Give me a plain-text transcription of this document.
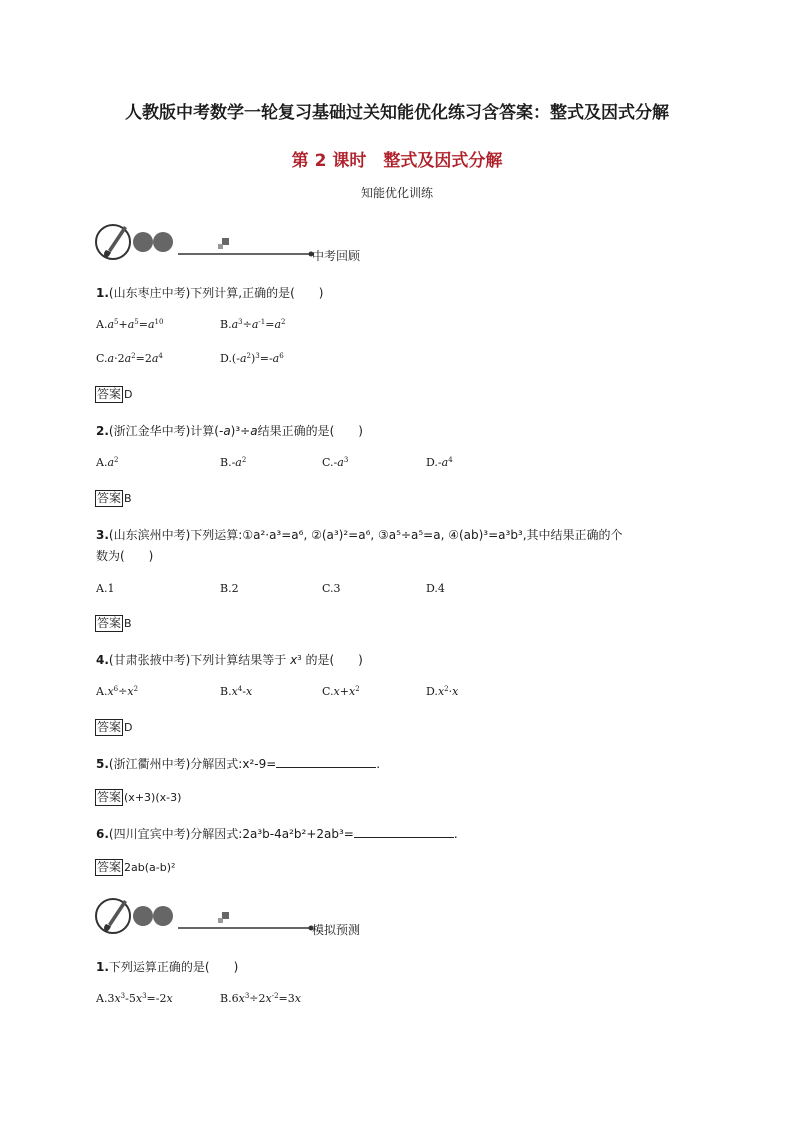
人教版中考数学一轮复习基础过关知能优化练习含答案：整式及因式分解
第 2 课时　整式及因式分解
知能优化训练
中考回顾
1.(山东枣庄中考)下列计算,正确的是(　　)
$A.a^5+a^5=a^{10}$	$B.a^3\div a^{-1}=a^2$
$C.a\cdot 2a^2=2a^4$	$D.(-a^2)^3=-a^6$
答案 D
2.(浙江金华中考)计算(-a)³÷a结果正确的是(　　)
$A.a^2$	$B.-a^2$	$C.-a^3$	$D.-a^4$
答案 B
3.(山东滨州中考)下列运算:①a²·a³=a⁶, ②(a³)²=a⁶, ③a⁵÷a⁵=a, ④(ab)³=a³b³,其中结果正确的个
数为(　　)
A.1	B.2	C.3	D.4
答案 B
4.(甘肃张掖中考)下列计算结果等于 $x^3$ 的是(　　)
$A.x^6\div x^2$	$B.x^4-x$	$C.x+x^2$	$D.x^2\cdot x$
答案 D
5.(浙江衢州中考)分解因式:x²-9=	.
答案 (x+3)(x-3)
6.(四川宜宾中考)分解因式:2a³b-4a²b²+2ab³=	.
答案 2ab(a-b)²
模拟预测
1.下列运算正确的是(　　)
$A.3x^3-5x^3=-2x$	$B.6x^3\div 2x^{-2}=3x$
